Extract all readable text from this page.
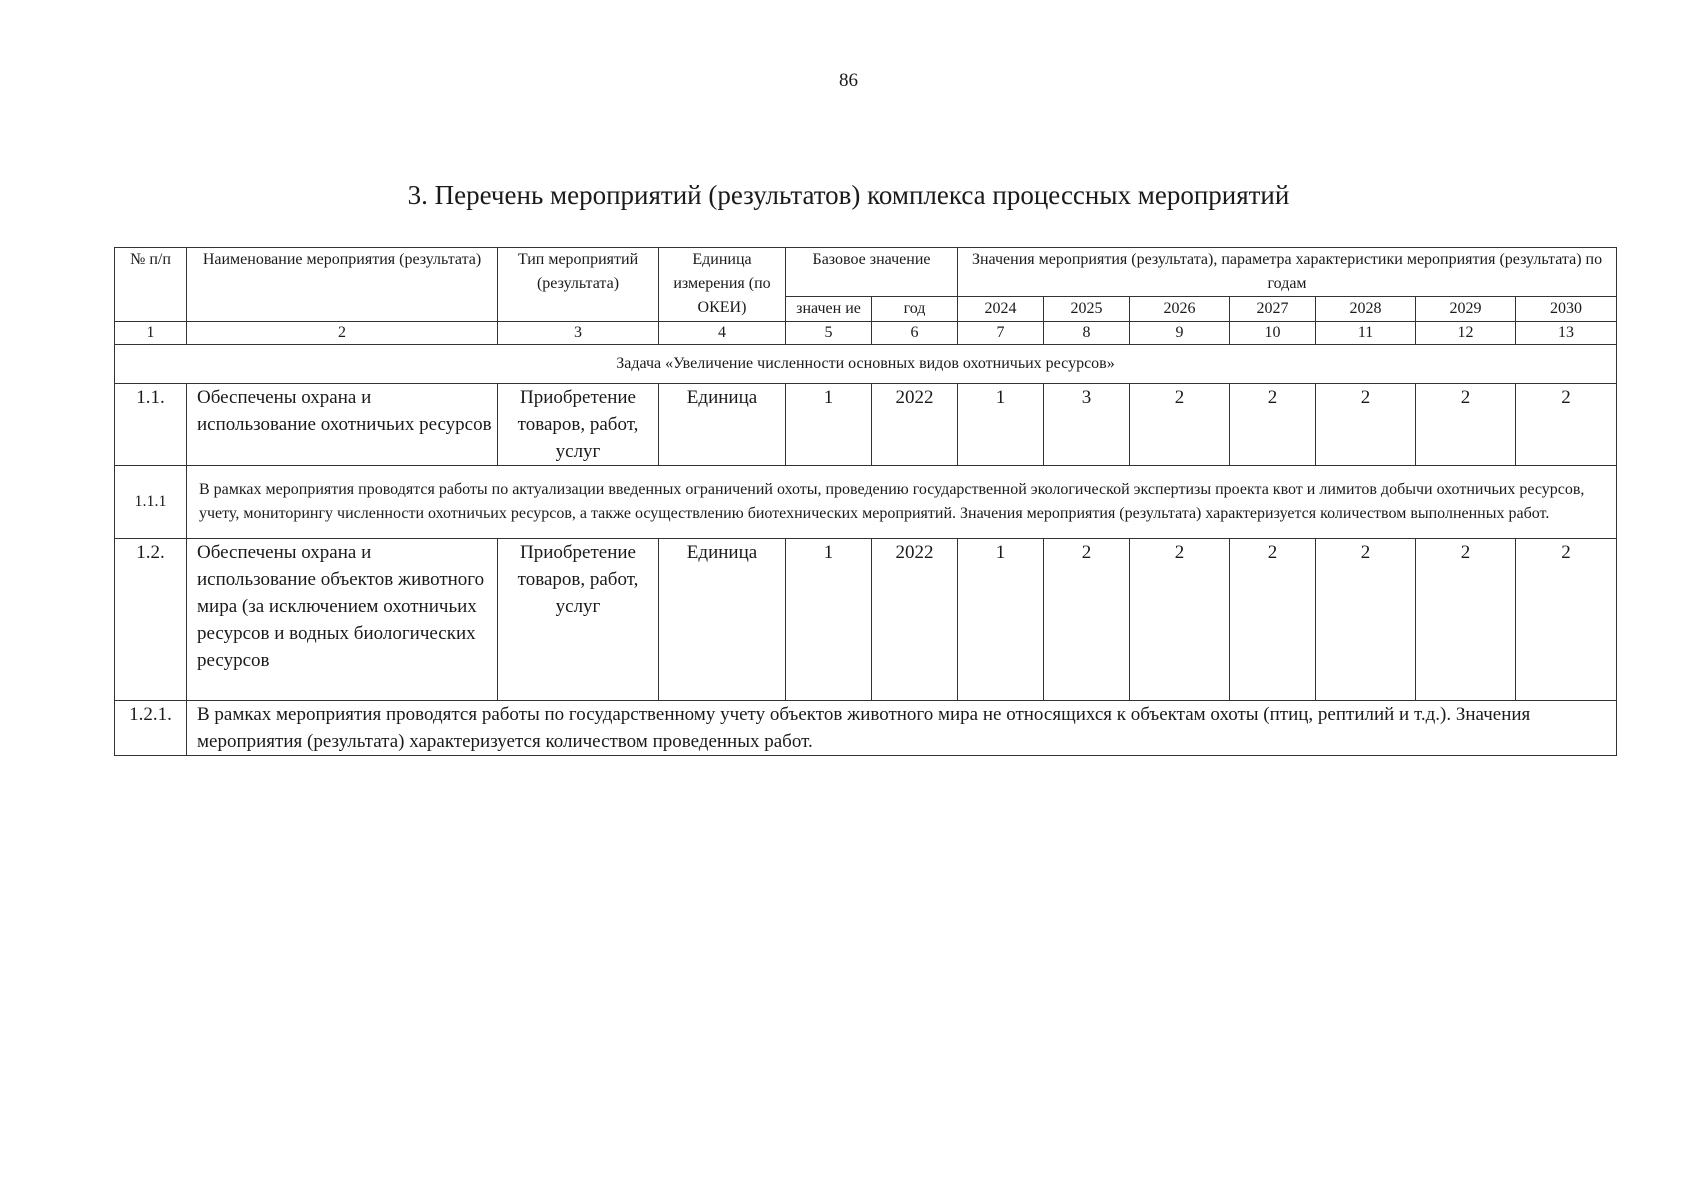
86
3. Перечень мероприятий (результатов) комплекса процессных мероприятий
№ п/п	Наименование мероприятия (результата)	Тип мероприятий (результата)	Единица измерения (по ОКЕИ)	Базовое значение		Значения мероприятия (результата), параметра характеристики мероприятия (результата) по годам						
				значен ие	год	2024	2025	2026	2027	2028	2029	2030
1	2	3	4	5	6	7	8	9	10	11	12	13
Задача «Увеличение численности основных видов охотничьих ресурсов»												
1.1.	Обеспечены охрана и использование охотничьих ресурсов	Приобретение товаров, работ, услуг	Единица	1	2022	1	3	2	2	2	2	2
1.1.1	В рамках мероприятия проводятся работы по актуализации введенных ограничений охоты, проведению государственной экологической экспертизы проекта квот и лимитов добычи охотничьих ресурсов, учету, мониторингу численности охотничьих ресурсов, а также осуществлению биотехнических мероприятий. Значения мероприятия (результата) характеризуется количеством выполненных работ.											
1.2.	Обеспечены охрана и использование объектов животного мира (за исключением охотничьих ресурсов и водных биологических ресурсов	Приобретение товаров, работ, услуг	Единица	1	2022	1	2	2	2	2	2	2
1.2.1.	В рамках мероприятия проводятся работы по государственному учету объектов животного мира не относящихся к объектам охоты (птиц, рептилий и т.д.). Значения мероприятия (результата) характеризуется количеством проведенных работ.											
